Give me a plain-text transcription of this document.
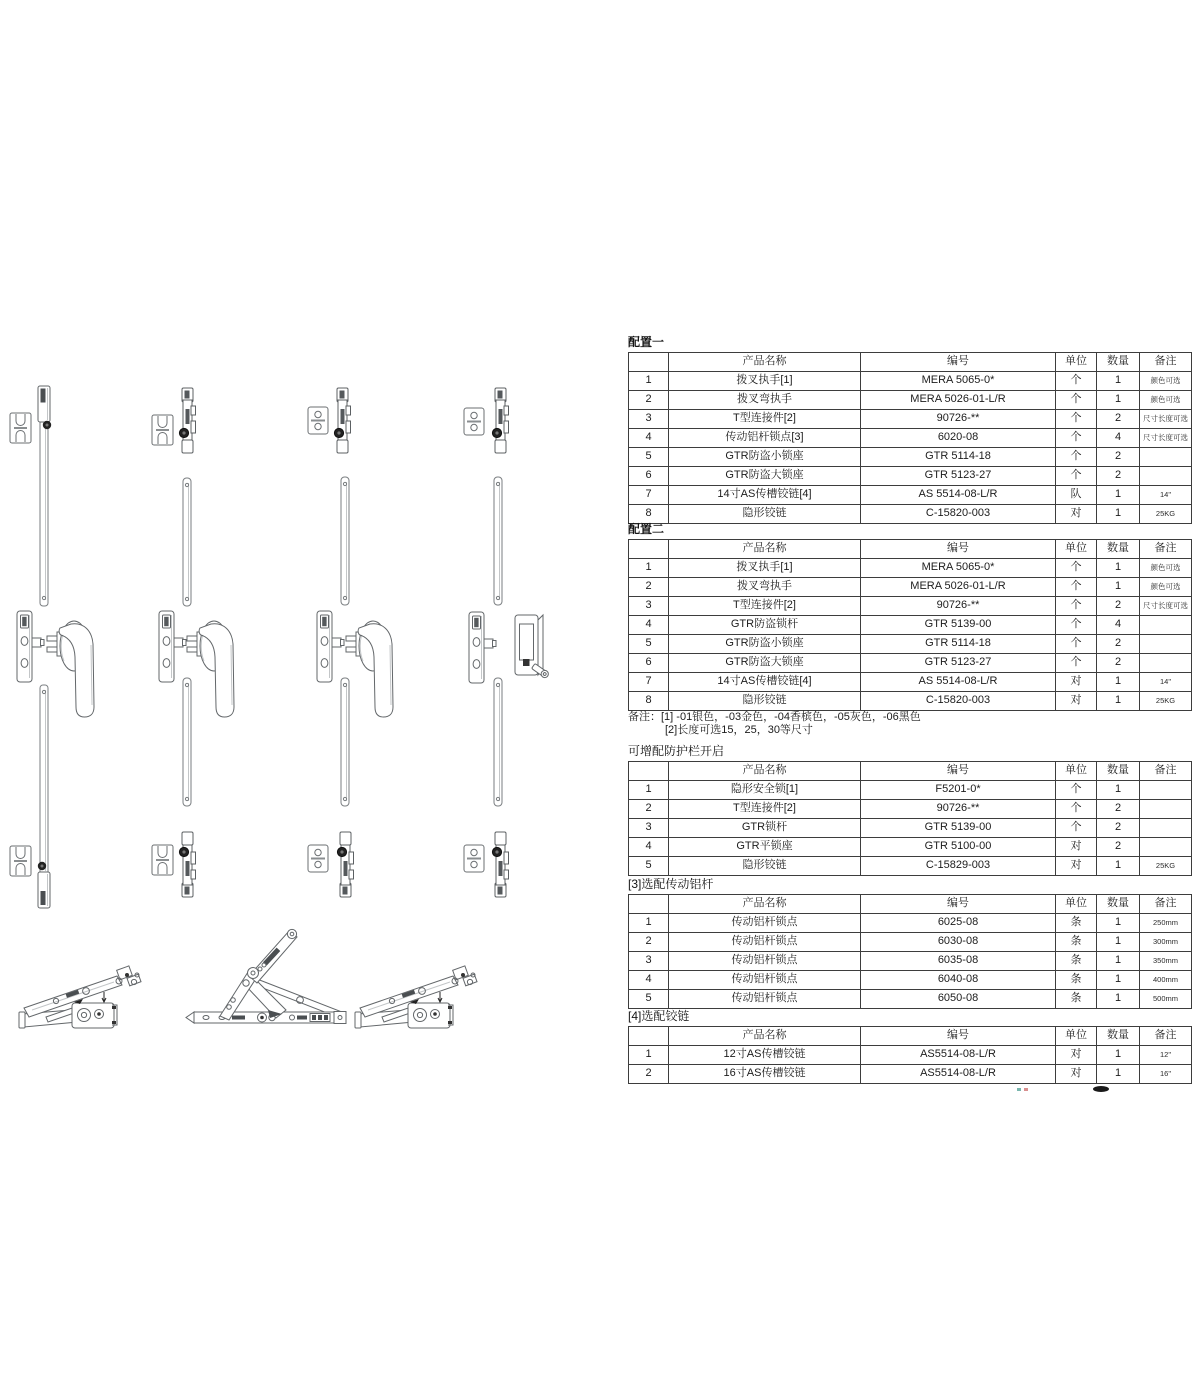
配置一
	产品名称	编号	单位	数量	备注
1	拨叉执手[1]	MERA 5065-0*	个	1	颜色可选
2	拨叉弯执手	MERA 5026-01-L/R	个	1	颜色可选
3	T型连接件[2]	90726-**	个	2	尺寸长度可选
4	传动铝杆锁点[3]	6020-08	个	4	尺寸长度可选
5	GTR防盗小锁座	GTR 5114-18	个	2	
6	GTR防盗大锁座	GTR 5123-27	个	2	
7	14寸AS传槽铰链[4]	AS 5514-08-L/R	队	1	14"
8	隐形铰链	C-15820-003	对	1	25KG
配置二
	产品名称	编号	单位	数量	备注
1	拨叉执手[1]	MERA 5065-0*	个	1	颜色可选
2	拨叉弯执手	MERA 5026-01-L/R	个	1	颜色可选
3	T型连接件[2]	90726-**	个	2	尺寸长度可选
4	GTR防盗锁杆	GTR 5139-00	个	4	
5	GTR防盗小锁座	GTR 5114-18	个	2	
6	GTR防盗大锁座	GTR 5123-27	个	2	
7	14寸AS传槽铰链[4]	AS 5514-08-L/R	对	1	14"
8	隐形铰链	C-15820-003	对	1	25KG
备注：[1] -01银色，-03金色，-04香槟色，-05灰色，-06黑色
[2]长度可选15，25，30等尺寸
可增配防护栏开启
	产品名称	编号	单位	数量	备注
1	隐形安全锁[1]	F5201-0*	个	1	
2	T型连接件[2]	90726-**	个	2	
3	GTR锁杆	GTR 5139-00	个	2	
4	GTR平锁座	GTR 5100-00	对	2	
5	隐形铰链	C-15829-003	对	1	25KG
[3]选配传动铝杆
	产品名称	编号	单位	数量	备注
1	传动铝杆锁点	6025-08	条	1	250mm
2	传动铝杆锁点	6030-08	条	1	300mm
3	传动铝杆锁点	6035-08	条	1	350mm
4	传动铝杆锁点	6040-08	条	1	400mm
5	传动铝杆锁点	6050-08	条	1	500mm
[4]选配铰链
	产品名称	编号	单位	数量	备注
1	12寸AS传槽铰链	AS5514-08-L/R	对	1	12"
2	16寸AS传槽铰链	AS5514-08-L/R	对	1	16"
